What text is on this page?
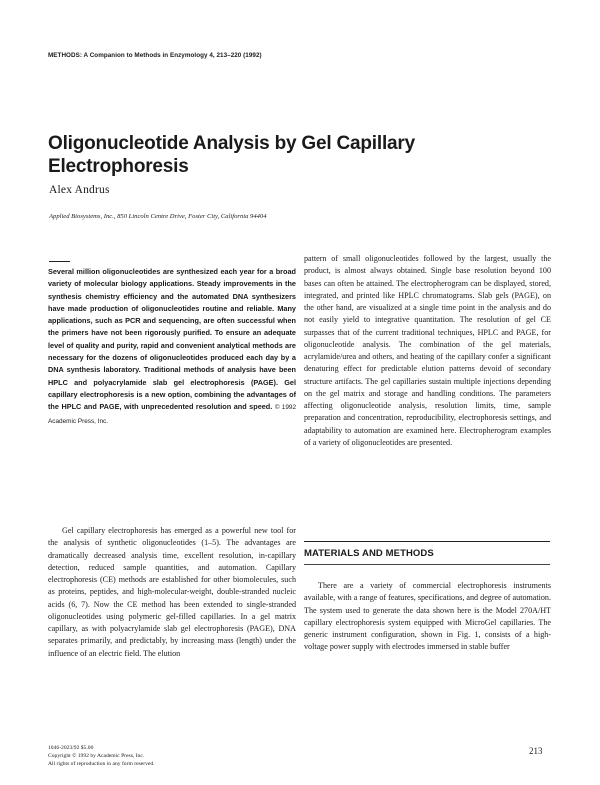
METHODS: A Companion to Methods in Enzymology 4, 213–220 (1992)
Oligonucleotide Analysis by Gel Capillary Electrophoresis
Alex Andrus
Applied Biosystems, Inc., 850 Lincoln Centre Drive, Foster City, California 94404
Several million oligonucleotides are synthesized each year for a broad variety of molecular biology applications. Steady improvements in the synthesis chemistry efficiency and the automated DNA synthesizers have made production of oligonucleotides routine and reliable. Many applications, such as PCR and sequencing, are often successful when the primers have not been rigorously purified. To ensure an adequate level of quality and purity, rapid and convenient analytical methods are necessary for the dozens of oligonucleotides produced each day by a DNA synthesis laboratory. Traditional methods of analysis have been HPLC and polyacrylamide slab gel electrophoresis (PAGE). Gel capillary electrophoresis is a new option, combining the advantages of the HPLC and PAGE, with unprecedented resolution and speed. © 1992 Academic Press, Inc.

Gel capillary electrophoresis has emerged as a powerful new tool for the analysis of synthetic oligonucleotides (1–5). The advantages are dramatically decreased analysis time, excellent resolution, in-capillary detection, reduced sample quantities, and automation. Capillary electrophoresis (CE) methods are established for other biomolecules, such as proteins, peptides, and high-molecular-weight, double-stranded nucleic acids (6, 7). Now the CE method has been extended to single-stranded oligonucleotides using polymeric gel-filled capillaries. In a gel matrix capillary, as with polyacrylamide slab gel electrophoresis (PAGE), DNA separates primarily, and predictably, by increasing mass (length) under the influence of an electric field. The elution

pattern of small oligonucleotides followed by the largest, usually the product, is almost always obtained. Single base resolution beyond 100 bases can often be attained. The electropherogram can be displayed, stored, integrated, and printed like HPLC chromatograms. Slab gels (PAGE), on the other hand, are visualized at a single time point in the analysis and do not easily yield to integrative quantitation. The resolution of gel CE surpasses that of the current traditional techniques, HPLC and PAGE, for oligonucleotide analysis. The combination of the gel materials, acrylamide/urea and others, and heating of the capillary confer a significant denaturing effect for predictable elution patterns devoid of secondary structure artifacts. The gel capillaries sustain multiple injections depending on the gel matrix and storage and handling conditions. The parameters affecting oligonucleotide analysis, resolution limits, time, sample preparation and concentration, reproducibility, electrophoresis settings, and adaptability to automation are examined here. Electropherogram examples of a variety of oligonucleotides are presented.

MATERIALS AND METHODS

There are a variety of commercial electrophoresis instruments available, with a range of features, specifications, and degree of automation. The system used to generate the data shown here is the Model 270A/HT capillary electrophoresis system equipped with MicroGel capillaries. The generic instrument configuration, shown in Fig. 1, consists of a high-voltage power supply with electrodes immersed in stable buffer

1046-2023/92 $5.00
Copyright © 1992 by Academic Press, Inc.
All rights of reproduction in any form reserved.
213
